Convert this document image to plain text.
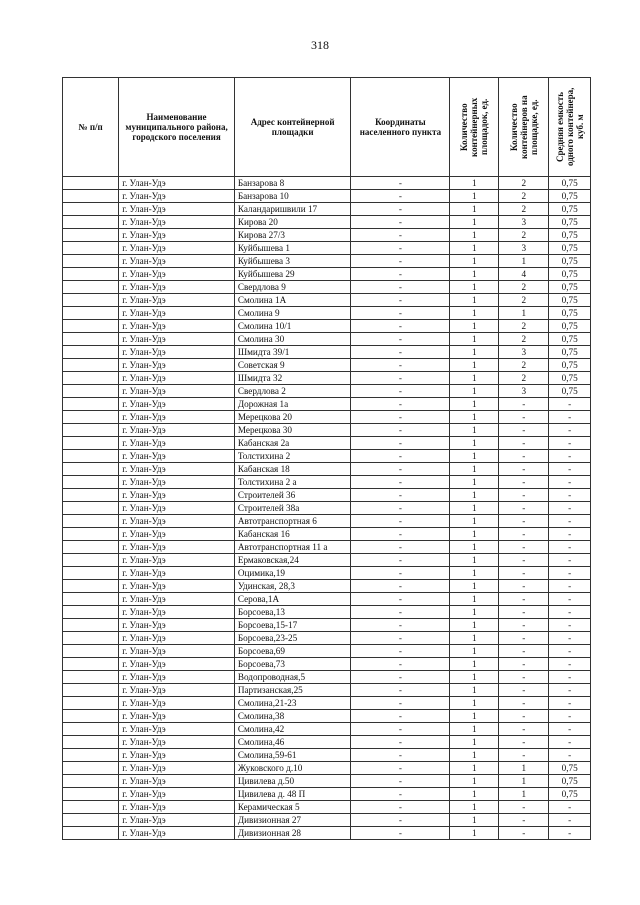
318
№ п/п	Наименование муниципального района, городского поселения	Адрес контейнерной площадки	Координаты населенного пункта	Количество контейнерных площадок, ед.	Количество контейнеров на площадке, ед.	Средняя емкость одного контейнера, куб. м

	г. Улан-Удэ	Банзарова 8	-	1	2	0,75
	г. Улан-Удэ	Банзарова 10	-	1	2	0,75
	г. Улан-Удэ	Каландаришвили 17	-	1	2	0,75
	г. Улан-Удэ	Кирова 20	-	1	3	0,75
	г. Улан-Удэ	Кирова 27/3	-	1	2	0,75
	г. Улан-Удэ	Куйбышева 1	-	1	3	0,75
	г. Улан-Удэ	Куйбышева 3	-	1	1	0,75
	г. Улан-Удэ	Куйбышева 29	-	1	4	0,75
	г. Улан-Удэ	Свердлова 9	-	1	2	0,75
	г. Улан-Удэ	Смолина 1А	-	1	2	0,75
	г. Улан-Удэ	Смолина 9	-	1	1	0,75
	г. Улан-Удэ	Смолина 10/1	-	1	2	0,75
	г. Улан-Удэ	Смолина 30	-	1	2	0,75
	г. Улан-Удэ	Шмидта 39/1	-	1	3	0,75
	г. Улан-Удэ	Советская 9	-	1	2	0,75
	г. Улан-Удэ	Шмидта 32	-	1	2	0,75
	г. Улан-Удэ	Свердлова 2	-	1	3	0,75
	г. Улан-Удэ	Дорожная 1а	-	1	-	-
	г. Улан-Удэ	Мерецкова 20	-	1	-	-
	г. Улан-Удэ	Мерецкова 30	-	1	-	-
	г. Улан-Удэ	Кабанская 2а	-	1	-	-
	г. Улан-Удэ	Толстихина 2	-	1	-	-
	г. Улан-Удэ	Кабанская 18	-	1	-	-
	г. Улан-Удэ	Толстихина 2 а	-	1	-	-
	г. Улан-Удэ	Строителей 36	-	1	-	-
	г. Улан-Удэ	Строителей 38а	-	1	-	-
	г. Улан-Удэ	Автотранспортная 6	-	1	-	-
	г. Улан-Удэ	Кабанская 16	-	1	-	-
	г. Улан-Удэ	Автотранспортная 11 а	-	1	-	-
	г. Улан-Удэ	Ермаковская,24	-	1	-	-
	г. Улан-Удэ	Оцимика,19	-	1	-	-
	г. Улан-Удэ	Удинская, 28,3	-	1	-	-
	г. Улан-Удэ	Серова,1А	-	1	-	-
	г. Улан-Удэ	Борсоева,13	-	1	-	-
	г. Улан-Удэ	Борсоева,15-17	-	1	-	-
	г. Улан-Удэ	Борсоева,23-25	-	1	-	-
	г. Улан-Удэ	Борсоева,69	-	1	-	-
	г. Улан-Удэ	Борсоева,73	-	1	-	-
	г. Улан-Удэ	Водопроводная,5	-	1	-	-
	г. Улан-Удэ	Партизанская,25	-	1	-	-
	г. Улан-Удэ	Смолина,21-23	-	1	-	-
	г. Улан-Удэ	Смолина,38	-	1	-	-
	г. Улан-Удэ	Смолина,42	-	1	-	-
	г. Улан-Удэ	Смолина,46	-	1	-	-
	г. Улан-Удэ	Смолина,59-61	-	1	-	-
	г. Улан-Удэ	Жуковского д.10	-	1	1	0,75
	г. Улан-Удэ	Цивилева д.50	-	1	1	0,75
	г. Улан-Удэ	Цивилева д. 48 П	-	1	1	0,75
	г. Улан-Удэ	Керамическая 5	-	1	-	-
	г. Улан-Удэ	Дивизионная 27	-	1	-	-
	г. Улан-Удэ	Дивизионная 28	-	1	-	-
